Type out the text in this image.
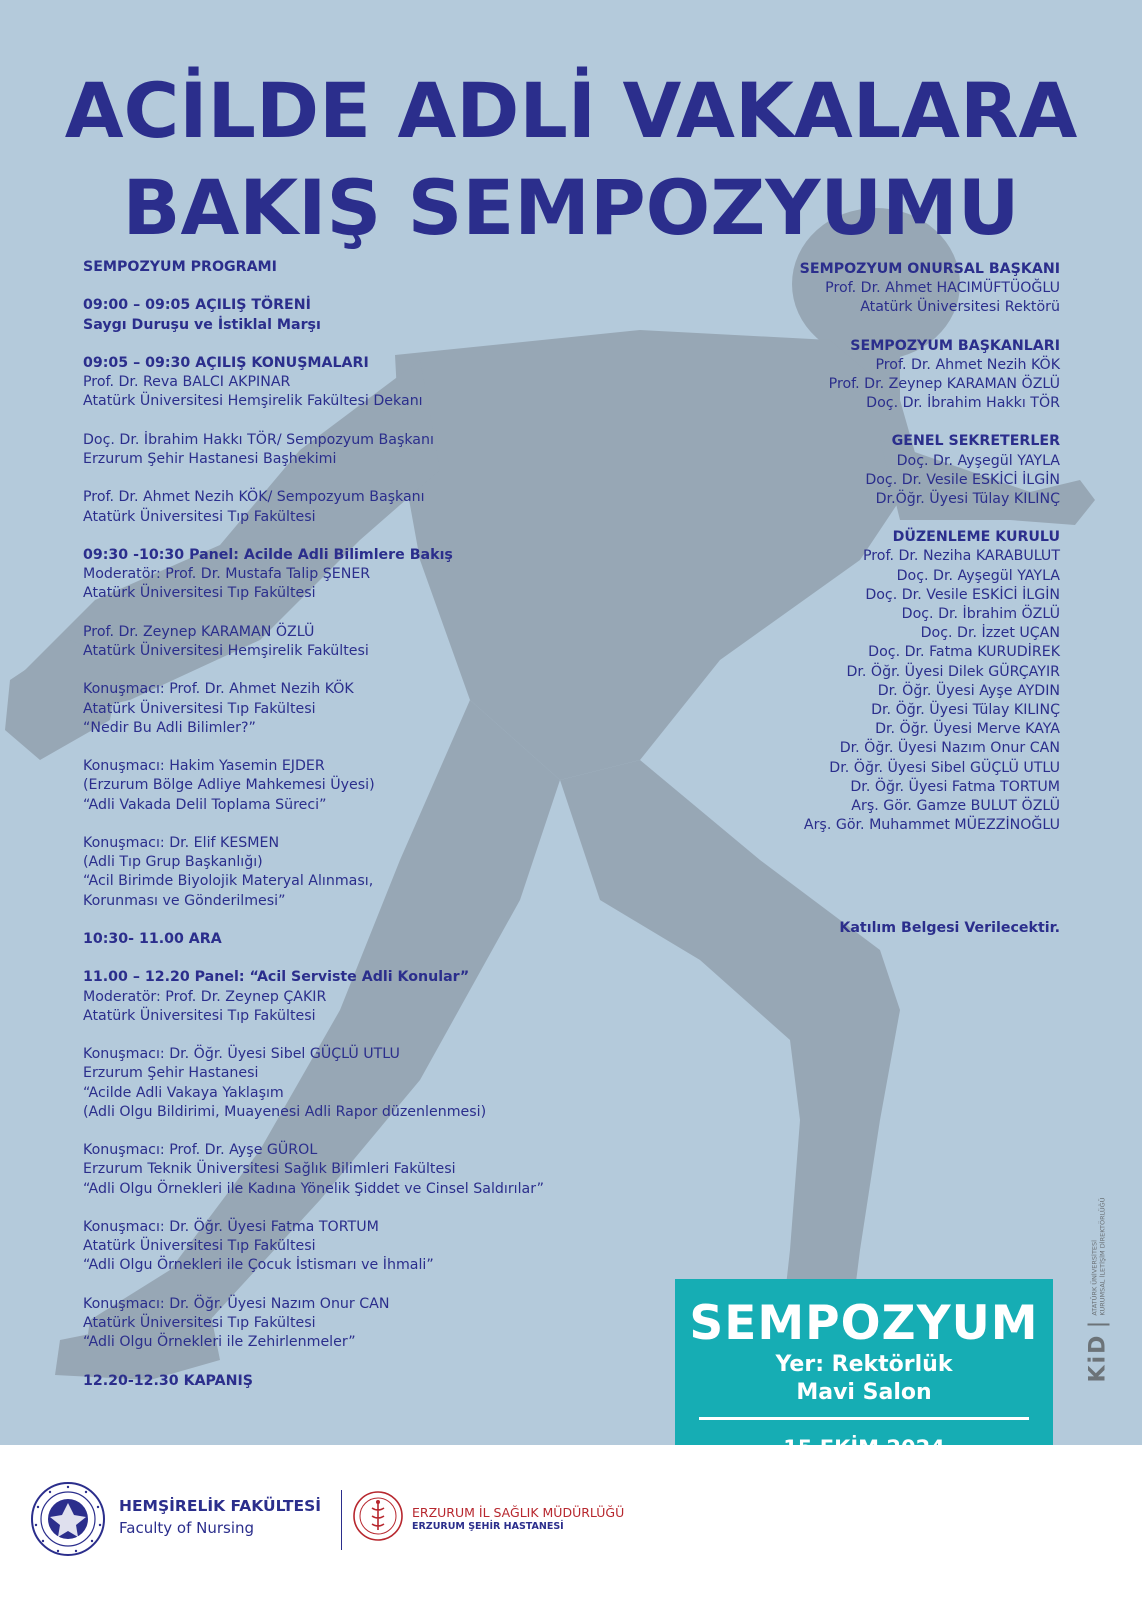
ACİLDE ADLİ VAKALARA
BAKIŞ SEMPOZYUMU
SEMPOZYUM PROGRAMI
09:00 – 09:05 AÇILIŞ TÖRENİ
Saygı Duruşu ve İstiklal Marşı
09:05 – 09:30 AÇILIŞ KONUŞMALARI
Prof. Dr. Reva BALCI AKPINAR
Atatürk Üniversitesi Hemşirelik Fakültesi Dekanı
Doç. Dr. İbrahim Hakkı TÖR/ Sempozyum Başkanı
Erzurum Şehir Hastanesi Başhekimi
Prof. Dr. Ahmet Nezih KÖK/ Sempozyum Başkanı
Atatürk Üniversitesi Tıp Fakültesi
09:30 -10:30 Panel: Acilde Adli Bilimlere Bakış
Moderatör: Prof. Dr. Mustafa Talip ŞENER
Atatürk Üniversitesi Tıp Fakültesi
Prof. Dr. Zeynep KARAMAN ÖZLÜ
Atatürk Üniversitesi Hemşirelik Fakültesi
Konuşmacı: Prof. Dr. Ahmet Nezih KÖK
Atatürk Üniversitesi Tıp Fakültesi
“Nedir Bu Adli Bilimler?”
Konuşmacı: Hakim Yasemin EJDER
(Erzurum Bölge Adliye Mahkemesi Üyesi)
“Adli Vakada Delil Toplama Süreci”
Konuşmacı: Dr. Elif KESMEN
(Adli Tıp Grup Başkanlığı)
“Acil Birimde Biyolojik Materyal Alınması,
Korunması ve Gönderilmesi”
10:30- 11.00 ARA
11.00 – 12.20 Panel: “Acil Serviste Adli Konular”
Moderatör: Prof. Dr. Zeynep ÇAKIR
Atatürk Üniversitesi Tıp Fakültesi
Konuşmacı: Dr. Öğr. Üyesi Sibel GÜÇLÜ UTLU
Erzurum Şehir Hastanesi
“Acilde Adli Vakaya Yaklaşım
(Adli Olgu Bildirimi, Muayenesi Adli Rapor düzenlenmesi)
Konuşmacı: Prof. Dr. Ayşe GÜROL
Erzurum Teknik Üniversitesi Sağlık Bilimleri Fakültesi
“Adli Olgu Örnekleri ile Kadına Yönelik Şiddet ve Cinsel Saldırılar”
Konuşmacı: Dr. Öğr. Üyesi Fatma TORTUM
Atatürk Üniversitesi Tıp Fakültesi
“Adli Olgu Örnekleri ile Çocuk İstismarı ve İhmali”
Konuşmacı: Dr. Öğr. Üyesi Nazım Onur CAN
Atatürk Üniversitesi Tıp Fakültesi
“Adli Olgu Örnekleri ile Zehirlenmeler”
12.20-12.30 KAPANIŞ
SEMPOZYUM ONURSAL BAŞKANI
Prof. Dr. Ahmet HACIMÜFTÜOĞLU
Atatürk Üniversitesi Rektörü
SEMPOZYUM BAŞKANLARI
Prof. Dr. Ahmet Nezih KÖK
Prof. Dr. Zeynep KARAMAN ÖZLÜ
Doç. Dr. İbrahim Hakkı TÖR
GENEL SEKRETERLER
Doç. Dr. Ayşegül YAYLA
Doç. Dr. Vesile ESKİCİ İLGİN
Dr.Öğr. Üyesi Tülay KILINÇ
DÜZENLEME KURULU
Prof. Dr. Neziha KARABULUT
Doç. Dr. Ayşegül YAYLA
Doç. Dr. Vesile ESKİCİ İLGİN
Doç. Dr. İbrahim ÖZLÜ
Doç. Dr. İzzet UÇAN
Doç. Dr. Fatma KURUDİREK
Dr. Öğr. Üyesi Dilek GÜRÇAYIR
Dr. Öğr. Üyesi Ayşe AYDIN
Dr. Öğr. Üyesi Tülay KILINÇ
Dr. Öğr. Üyesi Merve KAYA
Dr. Öğr. Üyesi Nazım Onur CAN
Dr. Öğr. Üyesi Sibel GÜÇLÜ UTLU
Dr. Öğr. Üyesi Fatma TORTUM
Arş. Gör. Gamze BULUT ÖZLÜ
Arş. Gör. Muhammet MÜEZZİNOĞLU
Katılım Belgesi Verilecektir.
SEMPOZYUM
Yer: Rektörlük
Mavi Salon
KiD
ATATÜRK ÜNİVERSİTESİ
KURUMSAL İLETİŞİM DİREKTÖRLÜĞÜ
HEMŞİRELİK FAKÜLTESİ
Faculty of Nursing
ERZURUM İL SAĞLIK MÜDÜRLÜĞÜ
ERZURUM ŞEHİR HASTANESİ
